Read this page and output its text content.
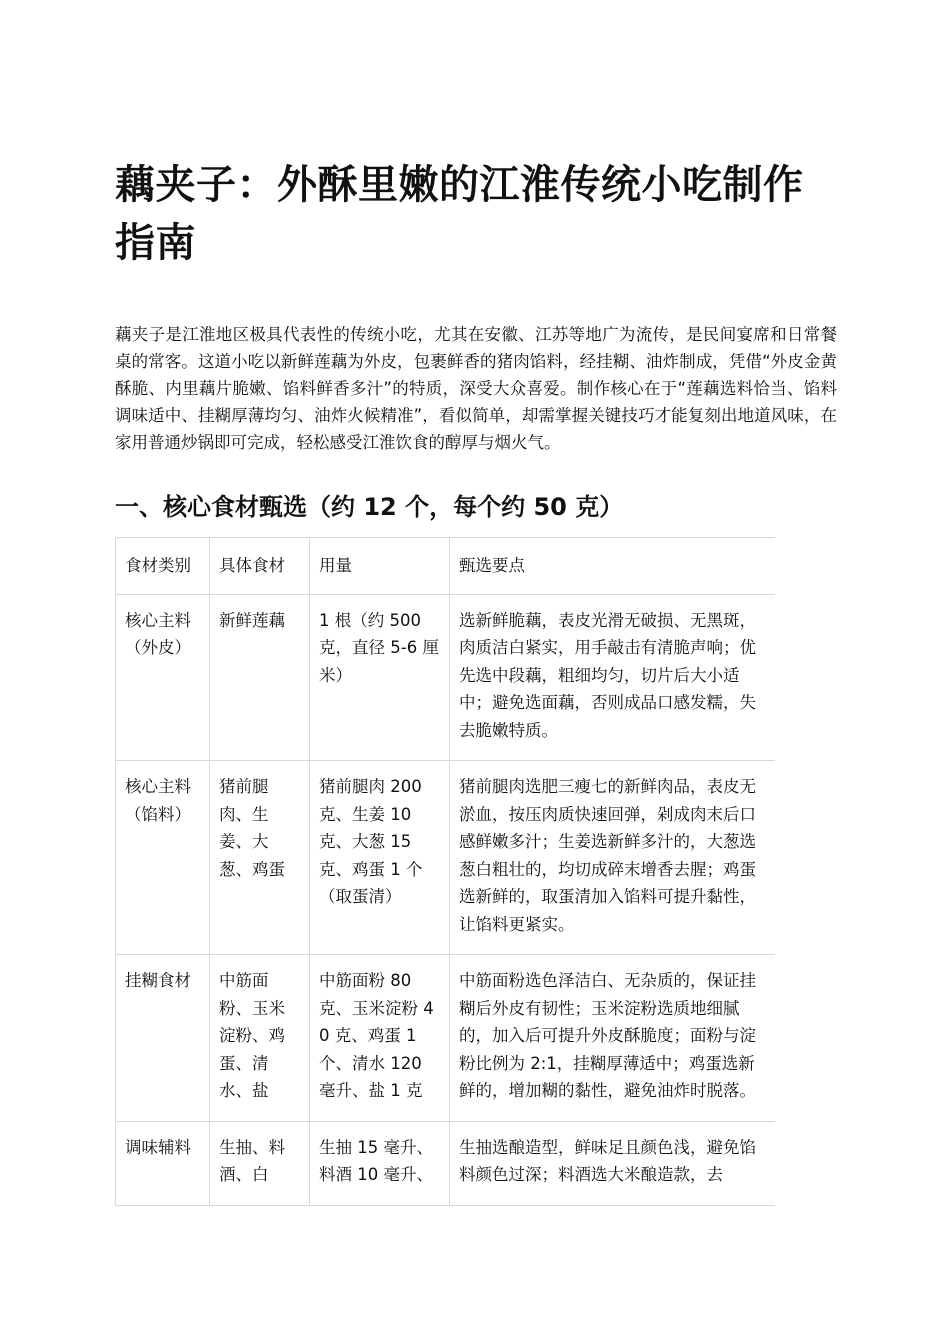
藕夹子：外酥里嫩的江淮传统小吃制作指南

藕夹子是江淮地区极具代表性的传统小吃，尤其在安徽、江苏等地广为流传，是民间宴席和日常餐桌的常客。这道小吃以新鲜莲藕为外皮，包裹鲜香的猪肉馅料，经挂糊、油炸制成，凭借“外皮金黄酥脆、内里藕片脆嫩、馅料鲜香多汁”的特质，深受大众喜爱。制作核心在于“莲藕选料恰当、馅料调味适中、挂糊厚薄均匀、油炸火候精准”，看似简单，却需掌握关键技巧才能复刻出地道风味，在家用普通炒锅即可完成，轻松感受江淮饮食的醇厚与烟火气。

一、核心食材甄选（约 12 个，每个约 50 克）
食材类别	具体食材	用量	甄选要点
核心主料（外皮）	新鲜莲藕	1 根（约 500 克，直径 5-6 厘米）	选新鲜脆藕，表皮光滑无破损、无黑斑，肉质洁白紧实，用手敲击有清脆声响；优先选中段藕，粗细均匀，切片后大小适中；避免选面藕，否则成品口感发糯，失去脆嫩特质。
核心主料（馅料）	猪前腿肉、生姜、大葱、鸡蛋	猪前腿肉 200 克、生姜 10 克、大葱 15 克、鸡蛋 1 个（取蛋清）	猪前腿肉选肥三瘦七的新鲜肉品，表皮无淤血，按压肉质快速回弹，剁成肉末后口感鲜嫩多汁；生姜选新鲜多汁的，大葱选葱白粗壮的，均切成碎末增香去腥；鸡蛋选新鲜的，取蛋清加入馅料可提升黏性，让馅料更紧实。
挂糊食材	中筋面粉、玉米淀粉、鸡蛋、清水、盐	中筋面粉 80 克、玉米淀粉 40 克、鸡蛋 1 个、清水 120 毫升、盐 1 克	中筋面粉选色泽洁白、无杂质的，保证挂糊后外皮有韧性；玉米淀粉选质地细腻的，加入后可提升外皮酥脆度；面粉与淀粉比例为 2:1，挂糊厚薄适中；鸡蛋选新鲜的，增加糊的黏性，避免油炸时脱落。
调味辅料	生抽、料酒、白	生抽 15 毫升、料酒 10 毫升、	生抽选酿造型，鲜味足且颜色浅，避免馅料颜色过深；料酒选大米酿造款，去
